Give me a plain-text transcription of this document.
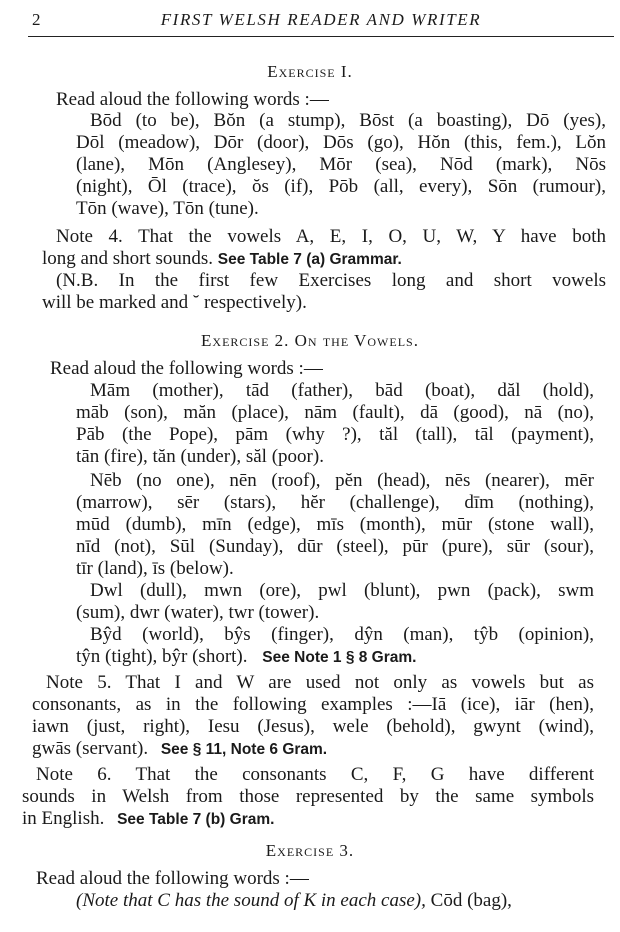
2	FIRST WELSH READER AND WRITER
Exercise I.
Read aloud the following words :—
Bōd (to be), Bŏn (a stump), Bōst (a boasting), Dō (yes),
Dōl (meadow), Dōr (door), Dōs (go), Hŏn (this, fem.), Lŏn
(lane), Mōn (Anglesey), Mōr (sea), Nōd (mark), Nōs
(night), Ōl (trace), ŏs (if), Pōb (all, every), Sōn (rumour),
Tōn (wave), Tōn (tune).
Note 4. That the vowels A, E, I, O, U, W, Y have both
long and short sounds. See Table 7 (a) Grammar.
(N.B. In the first few Exercises long and short vowels
will be marked and ˘ respectively).
Exercise 2. On the Vowels.
Read aloud the following words :—
Mām (mother), tād (father), bād (boat), dăl (hold),
māb (son), măn (place), nām (fault), dā (good), nā (no),
Pāb (the Pope), pām (why ?), tăl (tall), tāl (payment),
tān (fire), tăn (under), săl (poor).
Nēb (no one), nēn (roof), pĕn (head), nēs (nearer), mēr
(marrow), sēr (stars), hĕr (challenge), dīm (nothing),
mūd (dumb), mīn (edge), mīs (month), mūr (stone wall),
nīd (not), Sūl (Sunday), dūr (steel), pūr (pure), sūr (sour),
tīr (land), īs (below).
Dwl (dull), mwn (ore), pwl (blunt), pwn (pack), swm
(sum), dwr (water), twr (tower).
Bŷd (world), bŷs (finger), dŷn (man), tŷb (opinion),
tŷn (tight), bŷr (short). See Note 1 § 8 Gram.
Note 5. That I and W are used not only as vowels but as
consonants, as in the following examples :—Iā (ice), iār (hen),
iawn (just, right), Iesu (Jesus), wele (behold), gwynt (wind),
gwās (servant). See § 11, Note 6 Gram.
Note 6. That the consonants C, F, G have different
sounds in Welsh from those represented by the same symbols
in English. See Table 7 (b) Gram.
Exercise 3.
Read aloud the following words :—
(Note that C has the sound of K in each case), Cōd (bag),
